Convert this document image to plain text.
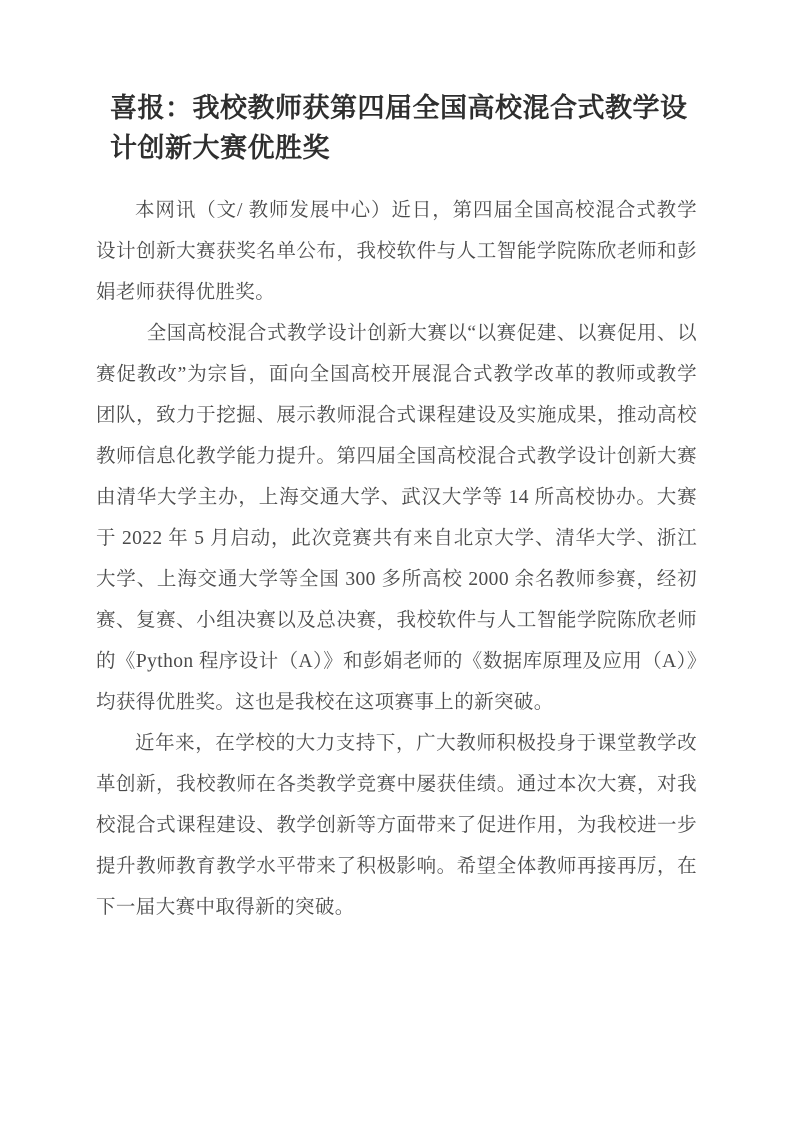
喜报：我校教师获第四届全国高校混合式教学设计创新大赛优胜奖

本网讯（文/ 教师发展中心）近日，第四届全国高校混合式教学设计创新大赛获奖名单公布，我校软件与人工智能学院陈欣老师和彭娟老师获得优胜奖。

全国高校混合式教学设计创新大赛以“以赛促建、以赛促用、以赛促教改”为宗旨，面向全国高校开展混合式教学改革的教师或教学团队，致力于挖掘、展示教师混合式课程建设及实施成果，推动高校教师信息化教学能力提升。第四届全国高校混合式教学设计创新大赛由清华大学主办，上海交通大学、武汉大学等 14 所高校协办。大赛于 2022 年 5 月启动，此次竞赛共有来自北京大学、清华大学、浙江大学、上海交通大学等全国 300 多所高校 2000 余名教师参赛，经初赛、复赛、小组决赛以及总决赛，我校软件与人工智能学院陈欣老师的《Python 程序设计（A）》和彭娟老师的《数据库原理及应用（A）》均获得优胜奖。这也是我校在这项赛事上的新突破。

近年来，在学校的大力支持下，广大教师积极投身于课堂教学改革创新，我校教师在各类教学竞赛中屡获佳绩。通过本次大赛，对我校混合式课程建设、教学创新等方面带来了促进作用，为我校进一步提升教师教育教学水平带来了积极影响。希望全体教师再接再厉，在下一届大赛中取得新的突破。
